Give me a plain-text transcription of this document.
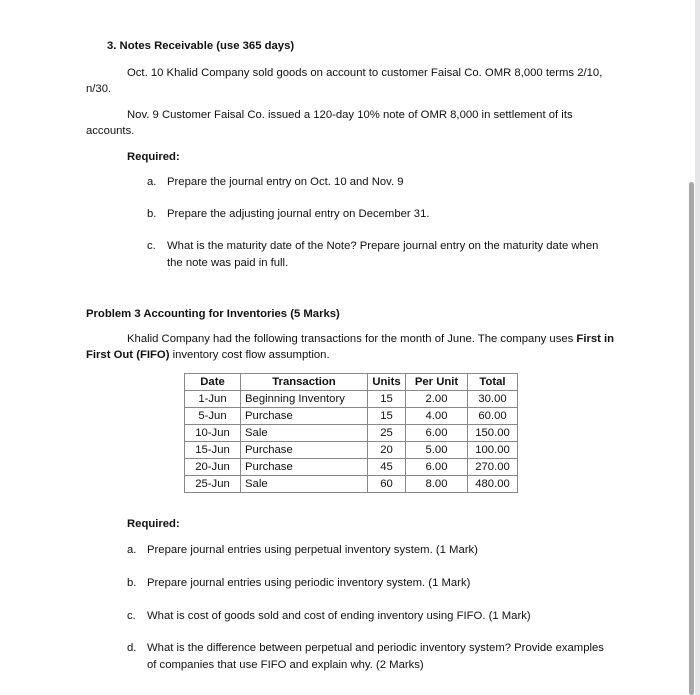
3. Notes Receivable (use 365 days)
Oct. 10 Khalid Company sold goods on account to customer Faisal Co. OMR 8,000 terms 2/10,
n/30.
Nov. 9 Customer Faisal Co. issued a 120-day 10% note of OMR 8,000 in settlement of its
accounts.
Required:
a. Prepare the journal entry on Oct. 10 and Nov. 9
b. Prepare the adjusting journal entry on December 31.
c. What is the maturity date of the Note? Prepare journal entry on the maturity date when
the note was paid in full.
Problem 3 Accounting for Inventories (5 Marks)
Khalid Company had the following transactions for the month of June. The company uses First in
First Out (FIFO) inventory cost flow assumption.
Date	Transaction	Units	Per Unit	Total
1-Jun	Beginning Inventory	15	2.00	30.00
5-Jun	Purchase	15	4.00	60.00
10-Jun	Sale	25	6.00	150.00
15-Jun	Purchase	20	5.00	100.00
20-Jun	Purchase	45	6.00	270.00
25-Jun	Sale	60	8.00	480.00
Required:
a. Prepare journal entries using perpetual inventory system. (1 Mark)
b. Prepare journal entries using periodic inventory system. (1 Mark)
c. What is cost of goods sold and cost of ending inventory using FIFO. (1 Mark)
d. What is the difference between perpetual and periodic inventory system? Provide examples
of companies that use FIFO and explain why. (2 Marks)
